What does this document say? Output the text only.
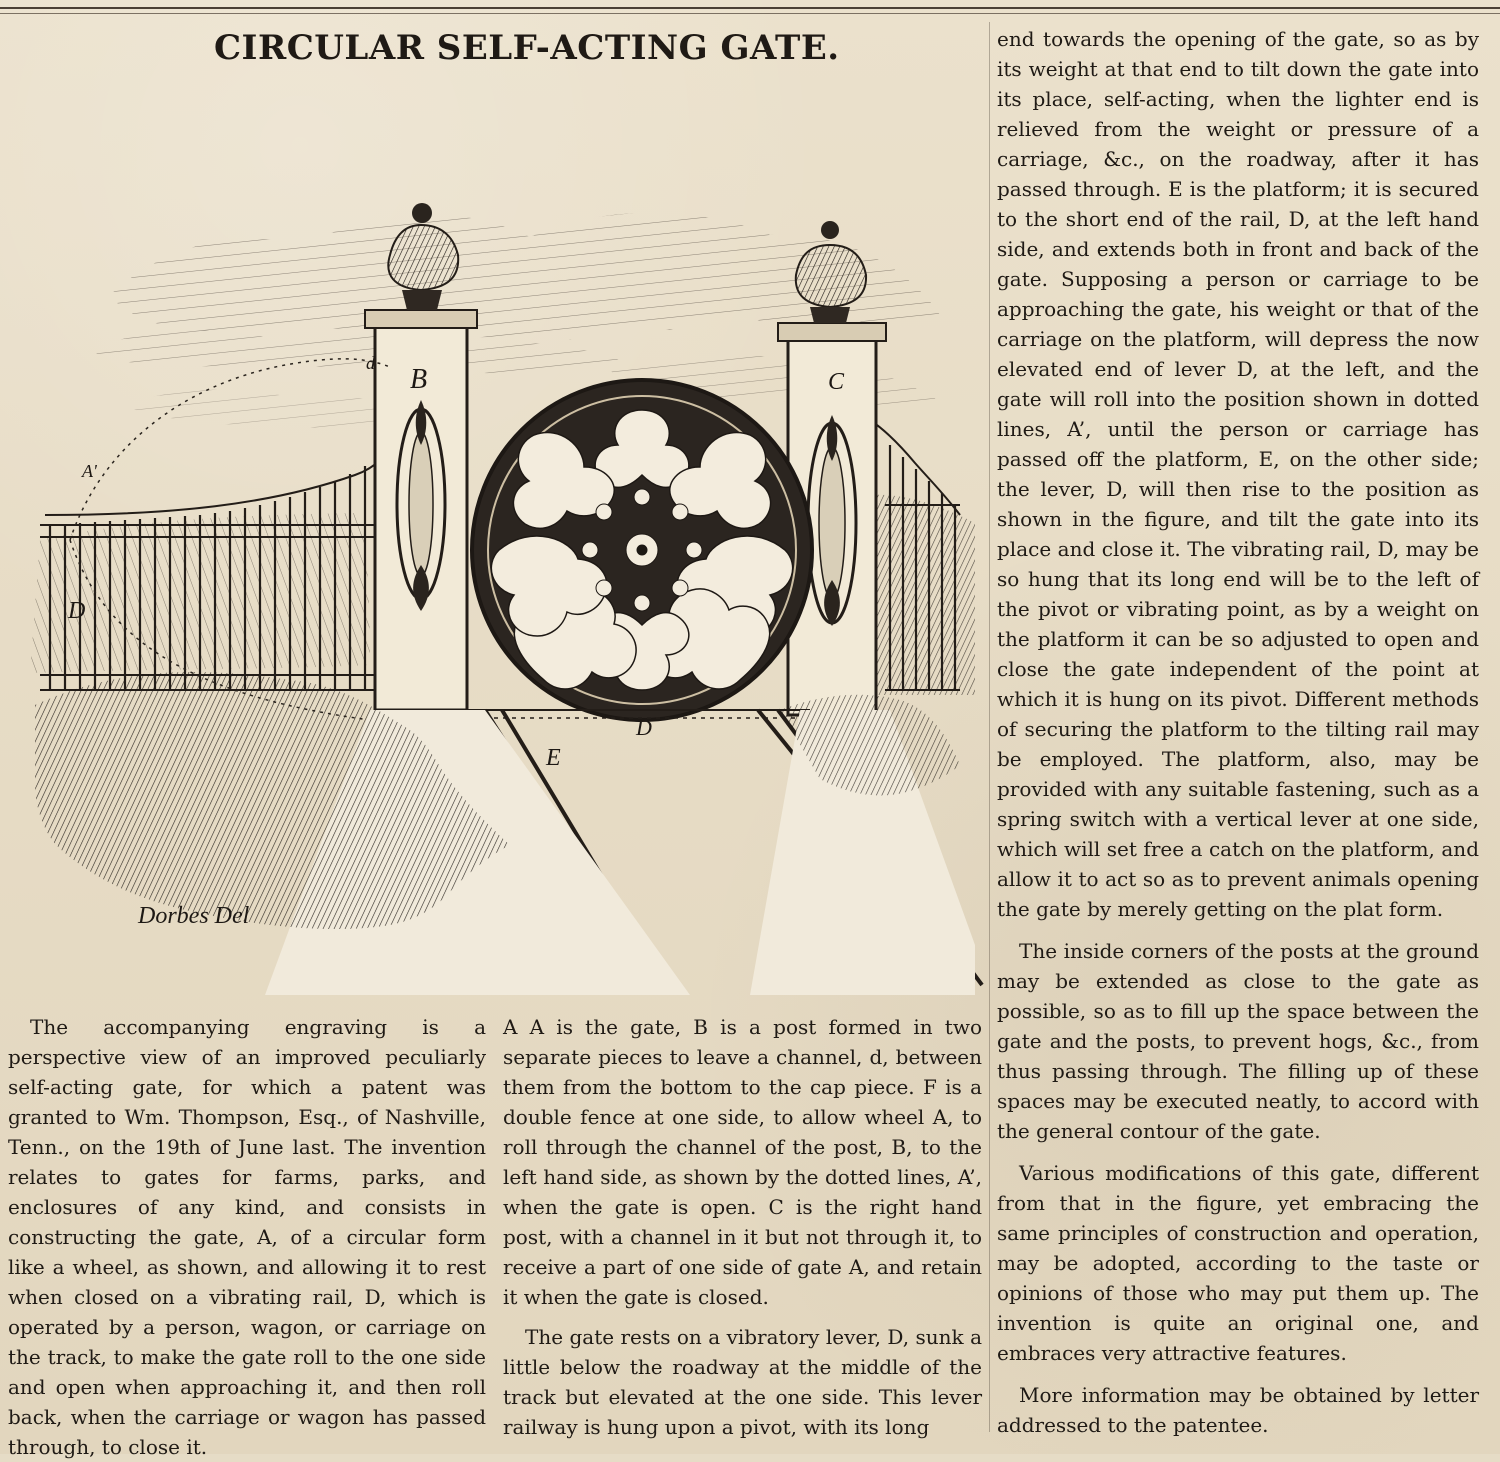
CIRCULAR SELF-ACTING GATE.
B	C
D
D
E
A'
d
Dorbes Del

The accompanying engraving is a perspective view of an improved peculiarly self-acting gate, for which a patent was granted to Wm. Thompson, Esq., of Nashville, Tenn., on the 19th of June last. The invention relates to gates for farms, parks, and enclosures of any kind, and consists in constructing the gate, A, of a circular form like a wheel, as shown, and allowing it to rest when closed on a vibrating rail, D, which is operated by a person, wagon, or carriage on the track, to make the gate roll to the one side and open when approaching it, and then roll back, when the carriage or wagon has passed through, to close it.

A A is the gate, B is a post formed in two separate pieces to leave a channel, d, between them from the bottom to the cap piece. F is a double fence at one side, to allow wheel A, to roll through the channel of the post, B, to the left hand side, as shown by the dotted lines, A’, when the gate is open. C is the right hand post, with a channel in it but not through it, to receive a part of one side of gate A, and retain it when the gate is closed.

The gate rests on a vibratory lever, D, sunk a little below the roadway at the middle of the track but elevated at the one side. This lever railway is hung upon a pivot, with its long

end towards the opening of the gate, so as by its weight at that end to tilt down the gate into its place, self-acting, when the lighter end is relieved from the weight or pressure of a carriage, &c., on the roadway, after it has passed through. E is the platform; it is secured to the short end of the rail, D, at the left hand side, and extends both in front and back of the gate. Supposing a person or carriage to be approaching the gate, his weight or that of the carriage on the platform, will depress the now elevated end of lever D, at the left, and the gate will roll into the position shown in dotted lines, A’, until the person or carriage has passed off the platform, E, on the other side; the lever, D, will then rise to the position as shown in the figure, and tilt the gate into its place and close it. The vibrating rail, D, may be so hung that its long end will be to the left of the pivot or vibrating point, as by a weight on the platform it can be so adjusted to open and close the gate independent of the point at which it is hung on its pivot. Different methods of securing the platform to the tilting rail may be employed. The platform, also, may be provided with any suitable fastening, such as a spring switch with a vertical lever at one side, which will set free a catch on the platform, and allow it to act so as to prevent animals opening the gate by merely getting on the plat form.

The inside corners of the posts at the ground may be extended as close to the gate as possible, so as to fill up the space between the gate and the posts, to prevent hogs, &c., from thus passing through. The filling up of these spaces may be executed neatly, to accord with the general contour of the gate.

Various modifications of this gate, different from that in the figure, yet embracing the same principles of construction and operation, may be adopted, according to the taste or opinions of those who may put them up. The invention is quite an original one, and embraces very attractive features.

More information may be obtained by letter addressed to the patentee.
